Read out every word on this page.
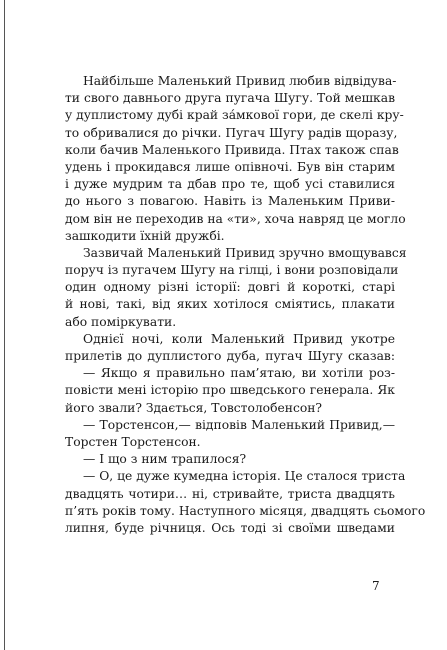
Найбільше Маленький Привид любив відвідува-
ти свого давнього друга пугача Шугу. Той мешкав
у дуплистому дубі край за́мкової гори, де скелі кру-
то обривалися до річки. Пугач Шугу радів щоразу,
коли бачив Маленького Привида. Птах також спав
удень і прокидався лише опівночі. Був він старим
і дуже мудрим та дбав про те, щоб усі ставилися
до нього з повагою. Навіть із Маленьким Приви-
дом він не переходив на «ти», хоча навряд це могло
зашкодити їхній дружбі.
Зазвичай Маленький Привид зручно вмощувався
поруч із пугачем Шугу на гілці, і вони розповідали
один одному різні історії: довгі й короткі, старі
й нові, такі, від яких хотілося сміятись, плакати
або поміркувати.
Однієї ночі, коли Маленький Привид укотре
прилетів до дуплистого дуба, пугач Шугу сказав:
— Якщо я правильно пам’ятаю, ви хотіли роз-
повісти мені історію про шведського генерала. Як
його звали? Здається, Товстолобенсон?
— Торстенсон,— відповів Маленький Привид,—
Торстен Торстенсон.
— І що з ним трапилося?
— О, це дуже кумедна історія. Це сталося триста
двадцять чотири… ні, стривайте, триста двадцять
п’ять років тому. Наступного місяця, двадцять сьомого
липня, буде річниця. Ось тоді зі своїми шведами
7
